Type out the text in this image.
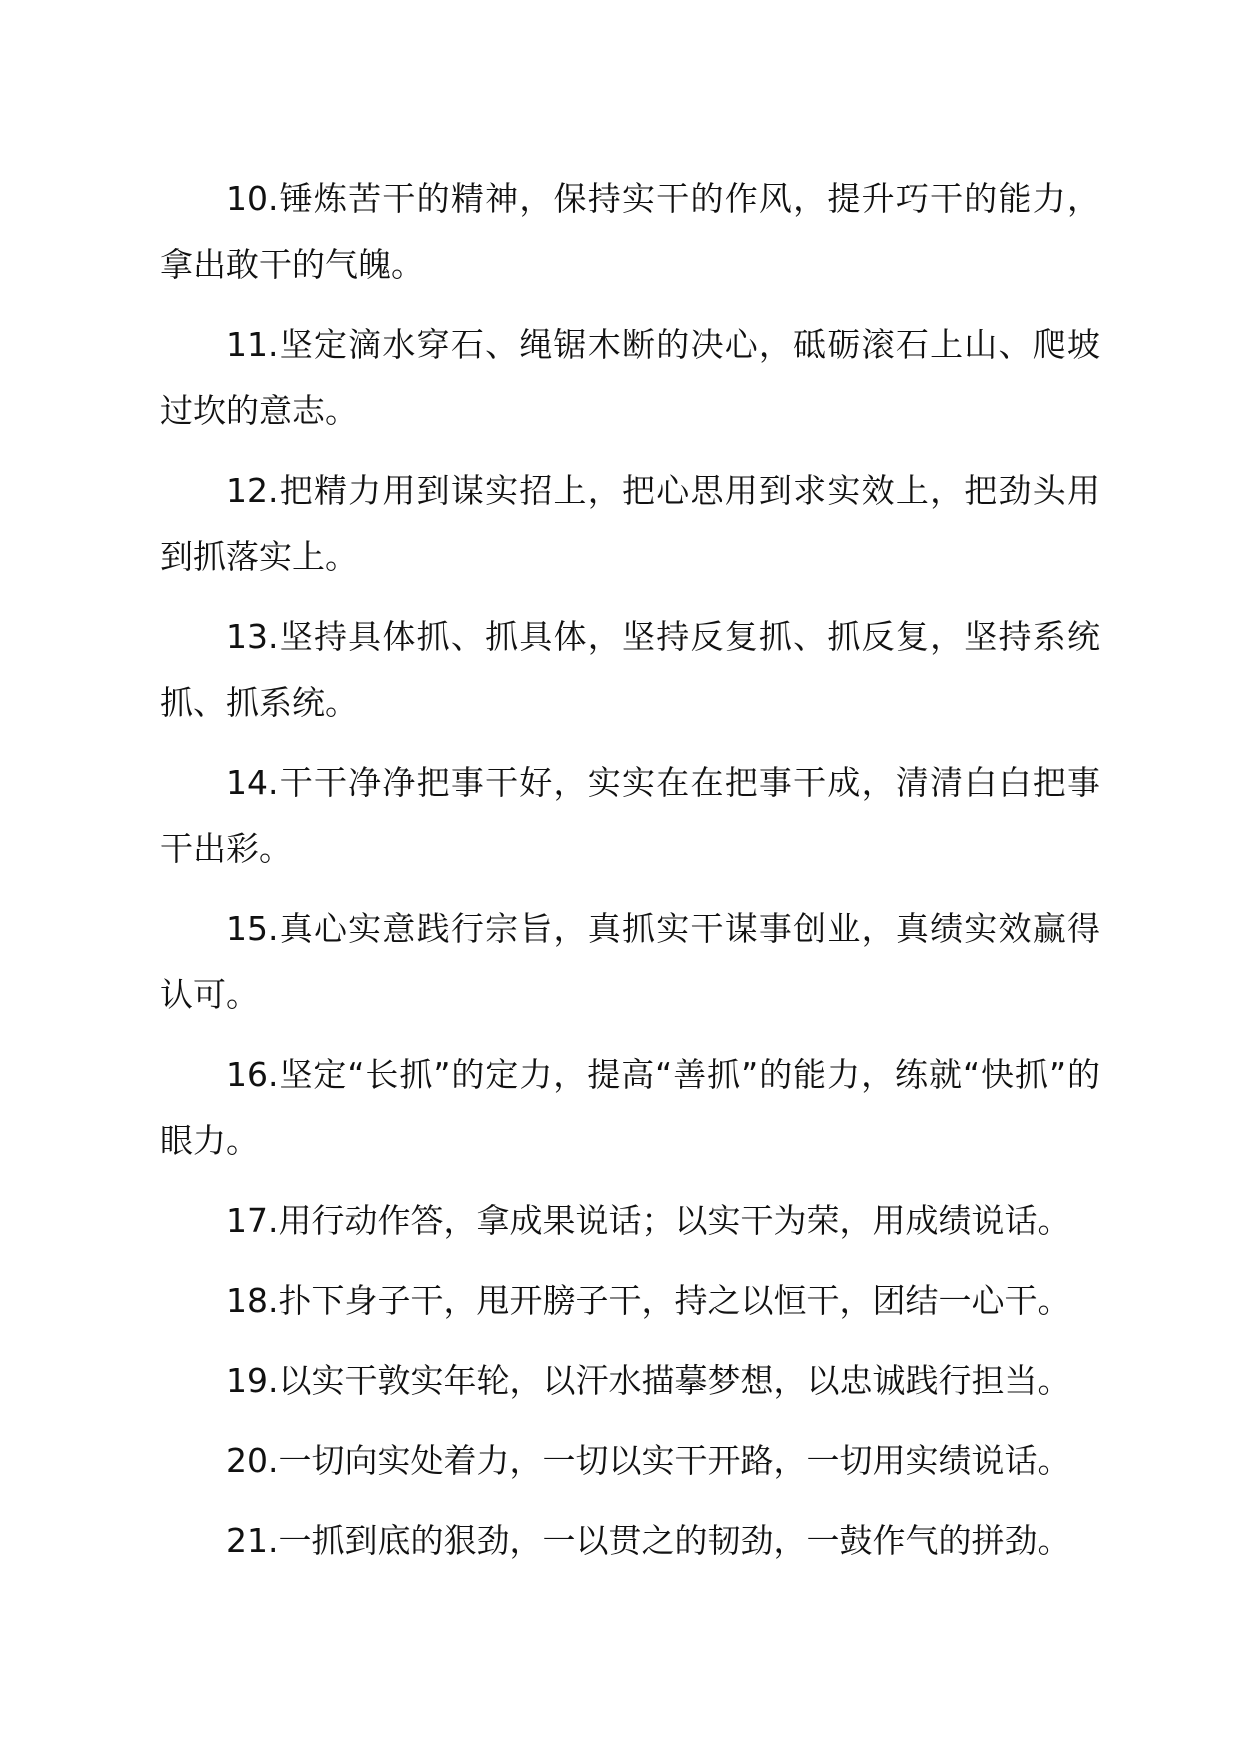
10.锤炼苦干的精神，保持实干的作风，提升巧干的能力，拿出敢干的气魄。

11.坚定滴水穿石、绳锯木断的决心，砥砺滚石上山、爬坡过坎的意志。

12.把精力用到谋实招上，把心思用到求实效上，把劲头用到抓落实上。

13.坚持具体抓、抓具体，坚持反复抓、抓反复，坚持系统抓、抓系统。

14.干干净净把事干好，实实在在把事干成，清清白白把事干出彩。

15.真心实意践行宗旨，真抓实干谋事创业，真绩实效赢得认可。

16.坚定“长抓”的定力，提高“善抓”的能力，练就“快抓”的眼力。

17.用行动作答，拿成果说话；以实干为荣，用成绩说话。

18.扑下身子干，甩开膀子干，持之以恒干，团结一心干。

19.以实干敦实年轮，以汗水描摹梦想，以忠诚践行担当。

20.一切向实处着力，一切以实干开路，一切用实绩说话。

21.一抓到底的狠劲，一以贯之的韧劲，一鼓作气的拼劲。
